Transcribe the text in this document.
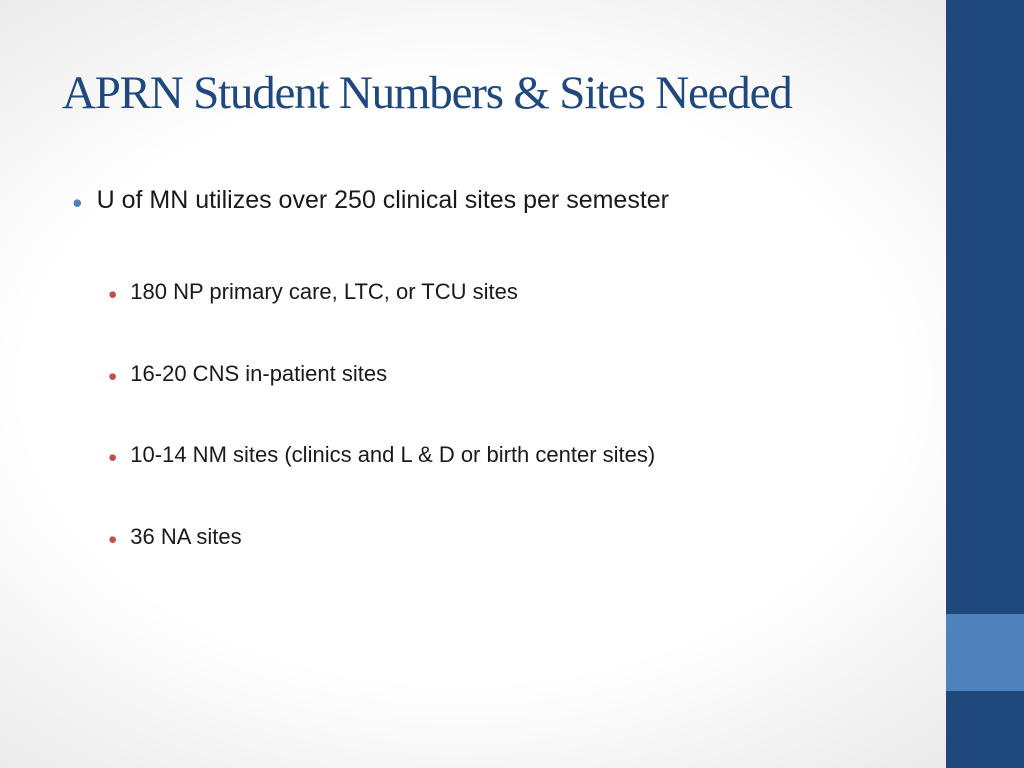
APRN Student Numbers & Sites Needed
● U of MN utilizes over 250 clinical sites per semester
● 180 NP primary care, LTC, or TCU sites
● 16-20 CNS in-patient sites
● 10-14 NM sites (clinics and L & D or birth center sites)
● 36 NA sites
